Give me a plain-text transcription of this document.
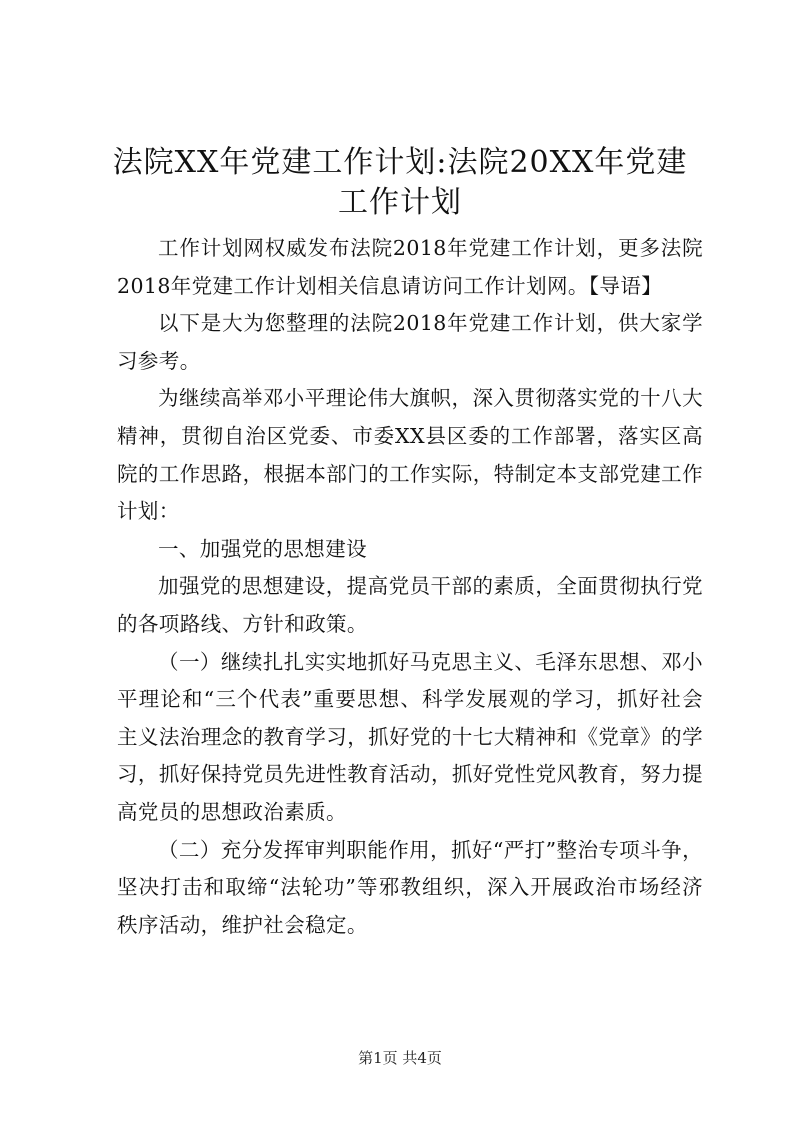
法院XX年党建工作计划:法院20XX年党建工作计划

工作计划网权威发布法院2018年党建工作计划，更多法院2018年党建工作计划相关信息请访问工作计划网。【导语】

以下是大为您整理的法院2018年党建工作计划，供大家学习参考。

为继续高举邓小平理论伟大旗帜，深入贯彻落实党的十八大精神，贯彻自治区党委、市委XX县区委的工作部署，落实区高院的工作思路，根据本部门的工作实际，特制定本支部党建工作计划：

一、加强党的思想建设

加强党的思想建设，提高党员干部的素质，全面贯彻执行党的各项路线、方针和政策。

（一）继续扎扎实实地抓好马克思主义、毛泽东思想、邓小平理论和“三个代表”重要思想、科学发展观的学习，抓好社会主义法治理念的教育学习，抓好党的十七大精神和《党章》的学习，抓好保持党员先进性教育活动，抓好党性党风教育，努力提高党员的思想政治素质。

（二）充分发挥审判职能作用，抓好“严打”整治专项斗争，坚决打击和取缔“法轮功”等邪教组织，深入开展政治市场经济秩序活动，维护社会稳定。

第1页 共4页
